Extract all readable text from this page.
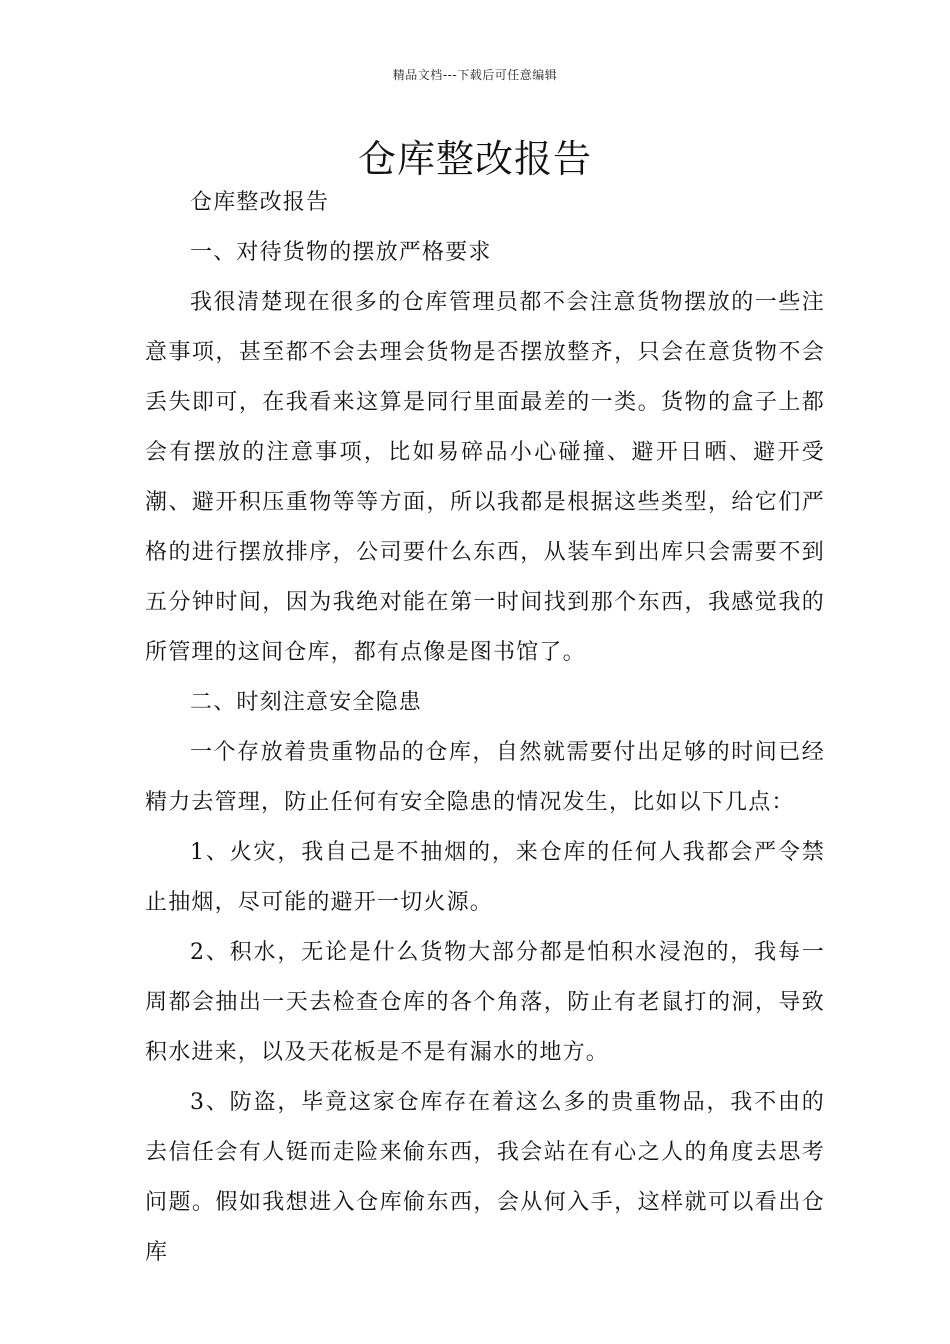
精品文档---下载后可任意编辑
仓库整改报告

仓库整改报告

一、对待货物的摆放严格要求

我很清楚现在很多的仓库管理员都不会注意货物摆放的一些注意事项，甚至都不会去理会货物是否摆放整齐，只会在意货物不会丢失即可，在我看来这算是同行里面最差的一类。货物的盒子上都会有摆放的注意事项，比如易碎品小心碰撞、避开日晒、避开受潮、避开积压重物等等方面，所以我都是根据这些类型，给它们严格的进行摆放排序，公司要什么东西，从装车到出库只会需要不到五分钟时间，因为我绝对能在第一时间找到那个东西，我感觉我的所管理的这间仓库，都有点像是图书馆了。

二、时刻注意安全隐患

一个存放着贵重物品的仓库，自然就需要付出足够的时间已经精力去管理，防止任何有安全隐患的情况发生，比如以下几点：

1、火灾，我自己是不抽烟的，来仓库的任何人我都会严令禁止抽烟，尽可能的避开一切火源。

2、积水，无论是什么货物大部分都是怕积水浸泡的，我每一周都会抽出一天去检查仓库的各个角落，防止有老鼠打的洞，导致积水进来，以及天花板是不是有漏水的地方。

3、防盗，毕竟这家仓库存在着这么多的贵重物品，我不由的去信任会有人铤而走险来偷东西，我会站在有心之人的角度去思考问题。假如我想进入仓库偷东西，会从何入手，这样就可以看出仓库
